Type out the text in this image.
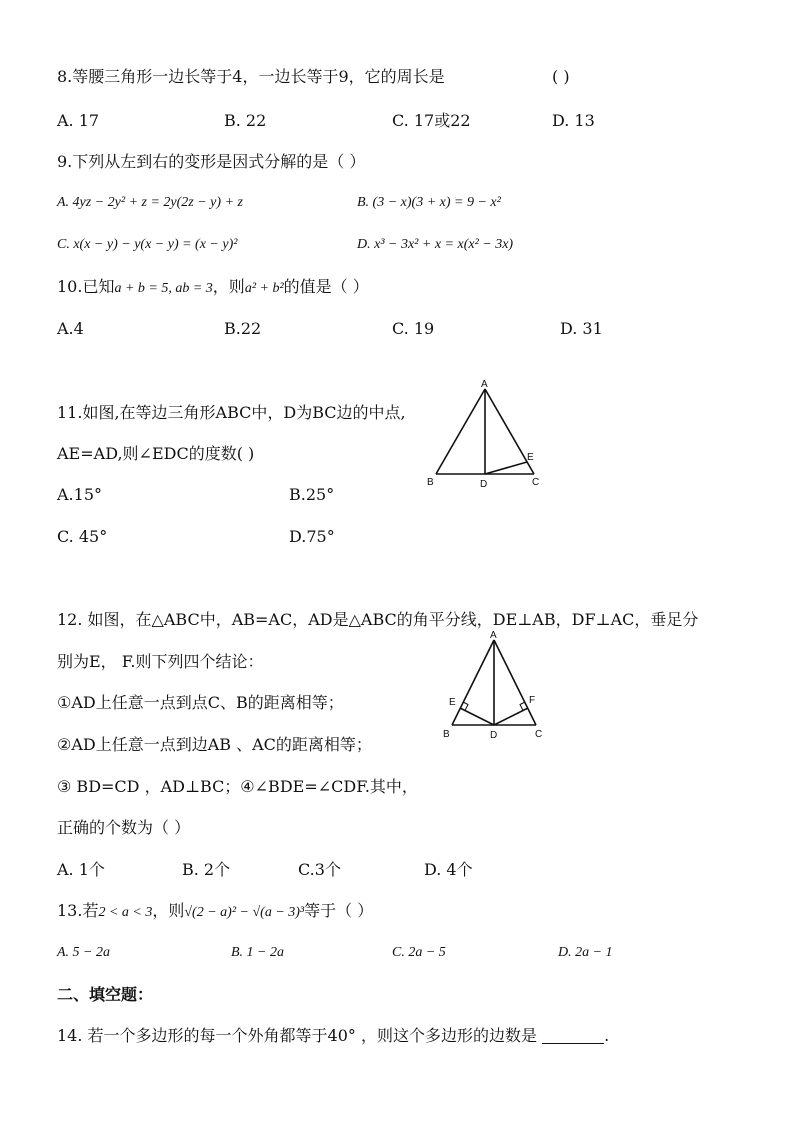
8.等腰三角形一边长等于4，一边长等于9，它的周长是	( )
A. 17	B. 22	C. 17或22	D. 13
9.下列从左到右的变形是因式分解的是（ ）
A. 4yz − 2y² + z = 2y(2z − y) + z	B. (3 − x)(3 + x) = 9 − x²
C. x(x − y) − y(x − y) = (x − y)²	D. x³ − 3x² + x = x(x² − 3x)
10.已知a + b = 5, ab = 3，则a² + b²的值是（ ）
A.4	B.22	C. 19	D. 31
11.如图,在等边三角形ABC中，D为BC边的中点,
AE=AD,则∠EDC的度数( )
A.15°	B.25°
C. 45°	D.75°
A
B	C
D
E
12. 如图，在△ABC中，AB=AC，AD是△ABC的角平分线，DE⊥AB，DF⊥AC，垂足分
别为E， F.则下列四个结论：
①AD上任意一点到点C、B的距离相等；
②AD上任意一点到边AB 、AC的距离相等；
③ BD=CD ，AD⊥BC；④∠BDE=∠CDF.其中，
正确的个数为（ ）
A. 1个	B. 2个	C.3个	D. 4个
A
B	C
D
E	F
13.若2 < a < 3，则√(2 − a)² − √(a − 3)³等于（ ）
A. 5 − 2a	B. 1 − 2a	C. 2a − 5	D. 2a − 1
二、填空题：
14. 若一个多边形的每一个外角都等于40° ，则这个多边形的边数是	.
